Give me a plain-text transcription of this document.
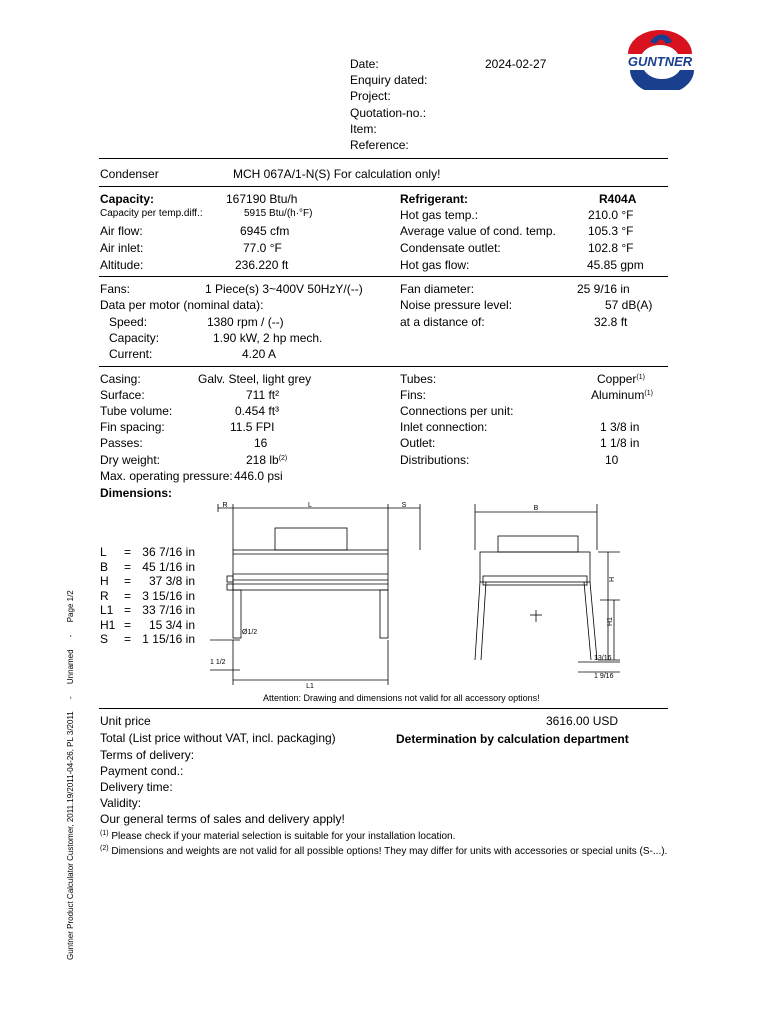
Guntner Product Calculator Customer, 2011.19/2011-04-26, PL 3/2011 - Unnamed - Page 1/2
GUNTNER
Date:	2024-02-27
Enquiry dated:
Project:
Quotation-no.:
Item:
Reference:
Condenser	MCH 067A/1-N(S) For calculation only!
Capacity:	167190 Btu/h
Capacity per temp.diff.:	5915 Btu/(h·°F)
Air flow:	6945 cfm
Air inlet:	77.0 °F
Altitude:	236.220 ft
Refrigerant:	R404A
Hot gas temp.:	210.0 °F
Average value of cond. temp.	105.3 °F
Condensate outlet:	102.8 °F
Hot gas flow:	45.85 gpm
Fans:	1 Piece(s) 3~400V 50HzY/(--)
Data per motor (nominal data):
Speed:	1380 rpm / (--)
Capacity:	1.90 kW, 2 hp mech.
Current:	4.20 A
Fan diameter:	25 9/16 in
Noise pressure level:	57 dB(A)
at a distance of:	32.8 ft
Casing:	Galv. Steel, light grey
Surface:	711 ft²
Tube volume:	0.454 ft³
Fin spacing:	11.5 FPI
Passes:	16
Dry weight:	218 $lb^{(2)}$
Max. operating pressure: 446.0 psi
Tubes:	Copper$^{(1)}$
Fins:	Aluminum$^{(1)}$
Connections per unit:
Inlet connection:	1 3/8 in
Outlet:	1 1/8 in
Distributions:	10
Dimensions:
L = 36 7/16 in
B = 45 1/16 in
H = 37 3/8 in
R = 3 15/16 in
L1 = 33 7/16 in
H1 = 15 3/4 in
S = 1 15/16 in
R	L	S
Ø1/2
1 1/2
L1
B
H
H1
13/16
1 9/16
Attention: Drawing and dimensions not valid for all accessory options!
Unit price	3616.00 USD
Total (List price without VAT, incl. packaging)	Determination by calculation department
Terms of delivery:
Payment cond.:
Delivery time:
Validity:
Our general terms of sales and delivery apply!
$^{(1)}$ Please check if your material selection is suitable for your installation location.
$^{(2)}$ Dimensions and weights are not valid for all possible options! They may differ for units with accessories or special units (S-...).
